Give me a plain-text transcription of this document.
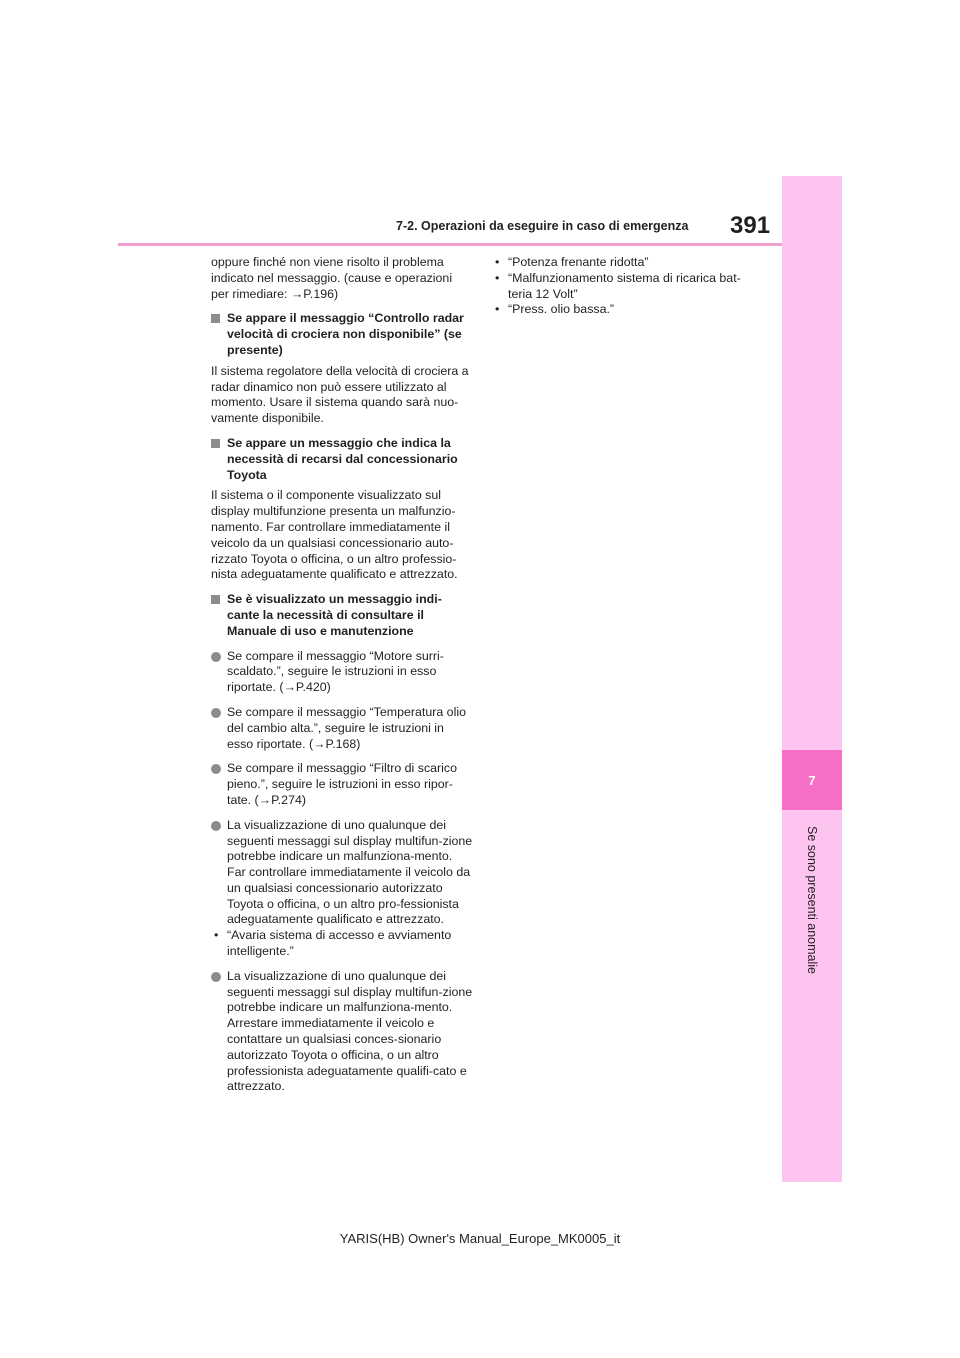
7
Se sono presenti anomalie
7-2. Operazioni da eseguire in caso di emergenza 391

oppure finché non viene risolto il problema indicato nel messaggio. (cause e operazioni per rimediare: →P.196)

Se appare il messaggio “Controllo radar velocità di crociera non disponibile” (se presente)

Il sistema regolatore della velocità di crociera a radar dinamico non può essere utilizzato al momento. Usare il sistema quando sarà nuo-vamente disponibile.

Se appare un messaggio che indica la necessità di recarsi dal concessionario Toyota

Il sistema o il componente visualizzato sul display multifunzione presenta un malfunzio-namento. Far controllare immediatamente il veicolo da un qualsiasi concessionario auto-rizzato Toyota o officina, o un altro professio-nista adeguatamente qualificato e attrezzato.

Se è visualizzato un messaggio indi-cante la necessità di consultare il Manuale di uso e manutenzione
Se compare il messaggio “Motore surri-scaldato.”, seguire le istruzioni in esso riportate. (→P.420)
Se compare il messaggio “Temperatura olio del cambio alta.”, seguire le istruzioni in esso riportate. (→P.168)
Se compare il messaggio “Filtro di scarico pieno.”, seguire le istruzioni in esso ripor-tate. (→P.274)
La visualizzazione di uno qualunque dei seguenti messaggi sul display multifun-zione potrebbe indicare un malfunziona-mento. Far controllare immediatamente il veicolo da un qualsiasi concessionario autorizzato Toyota o officina, o un altro pro-fessionista adeguatamente qualificato e attrezzato.
• “Avaria sistema di accesso e avviamento intelligente.”
La visualizzazione di uno qualunque dei seguenti messaggi sul display multifun-zione potrebbe indicare un malfunziona-mento. Arrestare immediatamente il veicolo e contattare un qualsiasi conces-sionario autorizzato Toyota o officina, o un altro professionista adeguatamente qualifi-cato e attrezzato.
• “Potenza frenante ridotta”
• “Malfunzionamento sistema di ricarica bat-teria 12 Volt”
• “Press. olio bassa.”
YARIS(HB) Owner's Manual_Europe_MK0005_it
